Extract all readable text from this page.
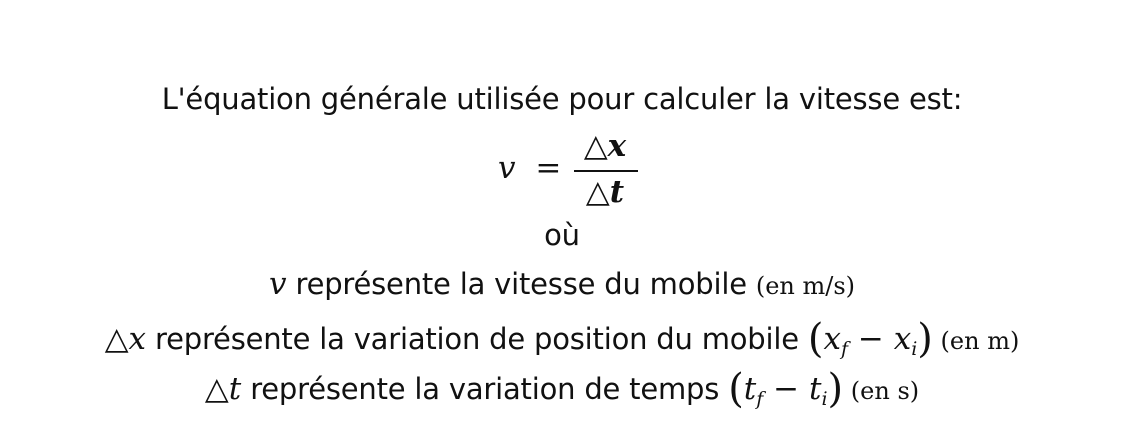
L'équation générale utilisée pour calculer la vitesse est:
v =
△x
△t
où
v représente la vitesse du mobile (en m/s)
△x représente la variation de position du mobile $(x_f - x_i)$ (en m)
△t représente la variation de temps $(t_f - t_i)$ (en s)
